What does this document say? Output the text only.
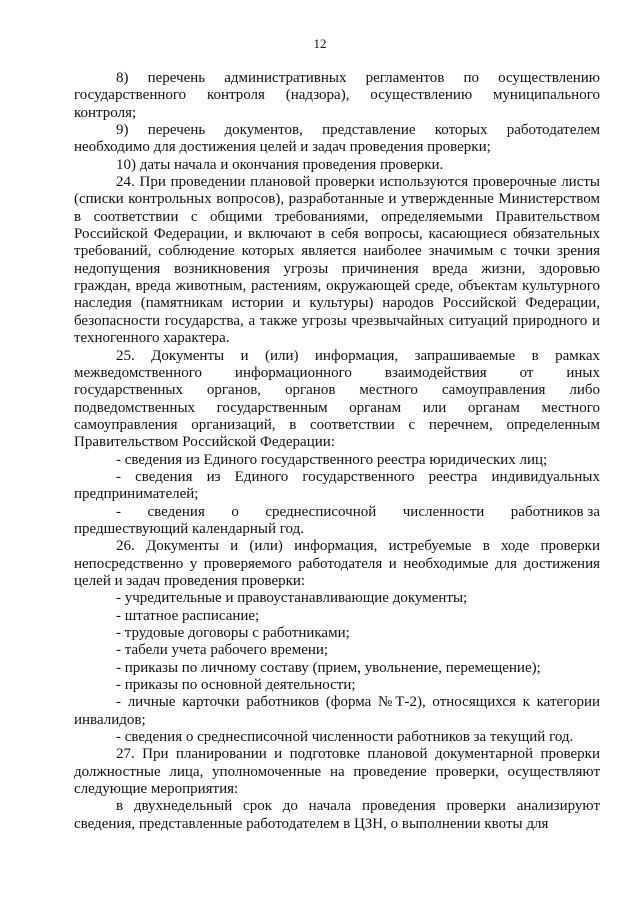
12

8)   перечень   административных   регламентов   по   осуществлению государственного   контроля   (надзора),   осуществлению   муниципального контроля;

9)   перечень   документов,   представление   которых   работодателем необходимо для достижения целей и задач проведения проверки;

10) даты начала и окончания проведения проверки.

24. При проведении плановой проверки используются проверочные листы (списки контрольных вопросов), разработанные и утвержденные Министерством в соответствии с общими требованиями, определяемыми Правительством Российской Федерации, и включают в себя вопросы, касающиеся обязательных требований, соблюдение которых является наиболее значимым с точки зрения недопущения возникновения угрозы причинения вреда жизни, здоровью граждан, вреда животным, растениям, окружающей среде, объектам культурного наследия (памятникам истории и культуры) народов Российской Федерации, безопасности государства, а также угрозы чрезвычайных ситуаций природного и техногенного характера.

25.   Документы   и   (или)   информация,   запрашиваемые   в   рамках межведомственного   информационного   взаимодействия   от   иных государственных   органов,   органов   местного   самоуправления   либо подведомственных   государственным   органам   или   органам   местного самоуправления организаций, в соответствии с перечнем, определенным Правительством Российской Федерации:

- сведения из Единого государственного реестра юридических лиц;

-  сведения  из  Единого  государственного  реестра  индивидуальных предпринимателей;

-       сведения       о       среднесписочной       численности       работников за предшествующий календарный год.

26. Документы и (или) информация, истребуемые в ходе проверки непосредственно у проверяемого работодателя и необходимые для достижения целей и задач проведения проверки:

- учредительные и правоустанавливающие документы;

- штатное расписание;

- трудовые договоры с работниками;

- табели учета рабочего времени;

- приказы по личному составу (прием, увольнение, перемещение);

- приказы по основной деятельности;

- личные карточки работников (форма №Т-2), относящихся к категории инвалидов;

- сведения о среднесписочной численности работников за текущий год.

27. При планировании и подготовке плановой документарной проверки должностные лица, уполномоченные на проведение проверки, осуществляют следующие мероприятия:

в двухнедельный срок до начала проведения проверки анализируют сведения, представленные работодателем в ЦЗН, о выполнении квоты для
